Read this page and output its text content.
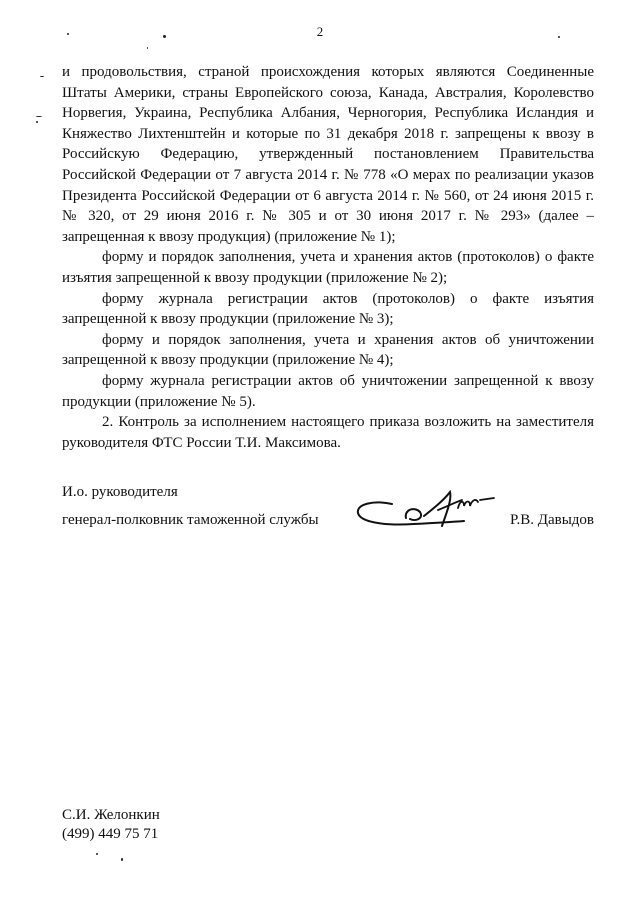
2

и продовольствия, страной происхождения которых являются Соединенные Штаты Америки, страны Европейского союза, Канада, Австралия, Королевство Норвегия, Украина, Республика Албания, Черногория, Республика Исландия и Княжество Лихтенштейн и которые по 31 декабря 2018 г. запрещены к ввозу в Российскую Федерацию, утвержденный постановлением Правительства Российской Федерации от 7 августа 2014 г. № 778 «О мерах по реализации указов Президента Российской Федерации от 6 августа 2014 г. № 560, от 24 июня 2015 г. № 320, от 29 июня 2016 г. № 305 и от 30 июня 2017 г. № 293» (далее – запрещенная к ввозу продукция) (приложение № 1);

форму и порядок заполнения, учета и хранения актов (протоколов) о факте изъятия запрещенной к ввозу продукции (приложение № 2);

форму журнала регистрации актов (протоколов) о факте изъятия запрещенной к ввозу продукции (приложение № 3);

форму и порядок заполнения, учета и хранения актов об уничтожении запрещенной к ввозу продукции (приложение № 4);

форму журнала регистрации актов об уничтожении запрещенной к ввозу продукции (приложение № 5).

2. Контроль за исполнением настоящего приказа возложить на заместителя руководителя ФТС России Т.И. Максимова.

И.о. руководителя
генерал-полковник таможенной службы	Р.В. Давыдов
С.И. Желонкин
(499) 449 75 71
